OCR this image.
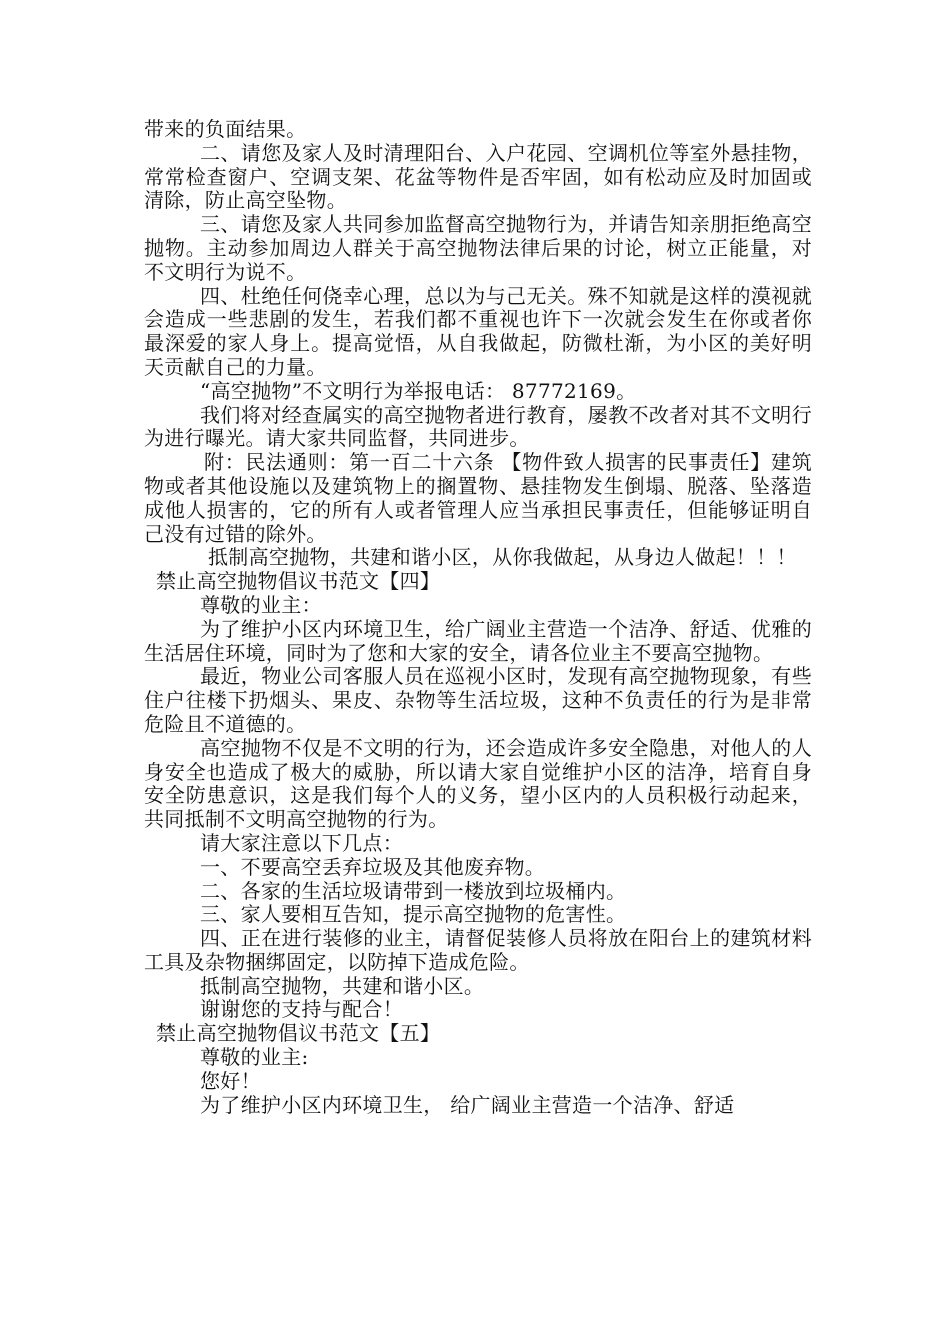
带来的负面结果。

二、请您及家人及时清理阳台、入户花园、空调机位等室外悬挂物，常常检查窗户、空调支架、花盆等物件是否牢固，如有松动应及时加固或清除，防止高空坠物。

三、请您及家人共同参加监督高空抛物行为，并请告知亲朋拒绝高空抛物。主动参加周边人群关于高空抛物法律后果的讨论，树立正能量，对不文明行为说不。

四、杜绝任何侥幸心理，总以为与己无关。殊不知就是这样的漠视就会造成一些悲剧的发生，若我们都不重视也许下一次就会发生在你或者你最深爱的家人身上。提高觉悟，从自我做起，防微杜渐，为小区的美好明天贡献自己的力量。

“高空抛物”不文明行为举报电话： 87772169。

我们将对经查属实的高空抛物者进行教育，屡教不改者对其不文明行为进行曝光。请大家共同监督，共同进步。

附：民法通则：第一百二十六条 【物件致人损害的民事责任】建筑物或者其他设施以及建筑物上的搁置物、悬挂物发生倒塌、脱落、坠落造成他人损害的，它的所有人或者管理人应当承担民事责任，但能够证明自己没有过错的除外。

抵制高空抛物，共建和谐小区，从你我做起，从身边人做起！！！

禁止高空抛物倡议书范文【四】

尊敬的业主：

为了维护小区内环境卫生，给广阔业主营造一个洁净、舒适、优雅的生活居住环境，同时为了您和大家的安全，请各位业主不要高空抛物。

最近，物业公司客服人员在巡视小区时，发现有高空抛物现象，有些住户往楼下扔烟头、果皮、杂物等生活垃圾，这种不负责任的行为是非常危险且不道德的。

高空抛物不仅是不文明的行为，还会造成许多安全隐患，对他人的人身安全也造成了极大的威胁，所以请大家自觉维护小区的洁净，培育自身安全防患意识，这是我们每个人的义务，望小区内的人员积极行动起来，共同抵制不文明高空抛物的行为。

请大家注意以下几点：

一、不要高空丢弃垃圾及其他废弃物。

二、各家的生活垃圾请带到一楼放到垃圾桶内。

三、家人要相互告知，提示高空抛物的危害性。

四、正在进行装修的业主，请督促装修人员将放在阳台上的建筑材料工具及杂物捆绑固定，以防掉下造成危险。

抵制高空抛物，共建和谐小区。

谢谢您的支持与配合！

禁止高空抛物倡议书范文【五】

尊敬的业主:

您好！

为了维护小区内环境卫生， 给广阔业主营造一个洁净、舒适
